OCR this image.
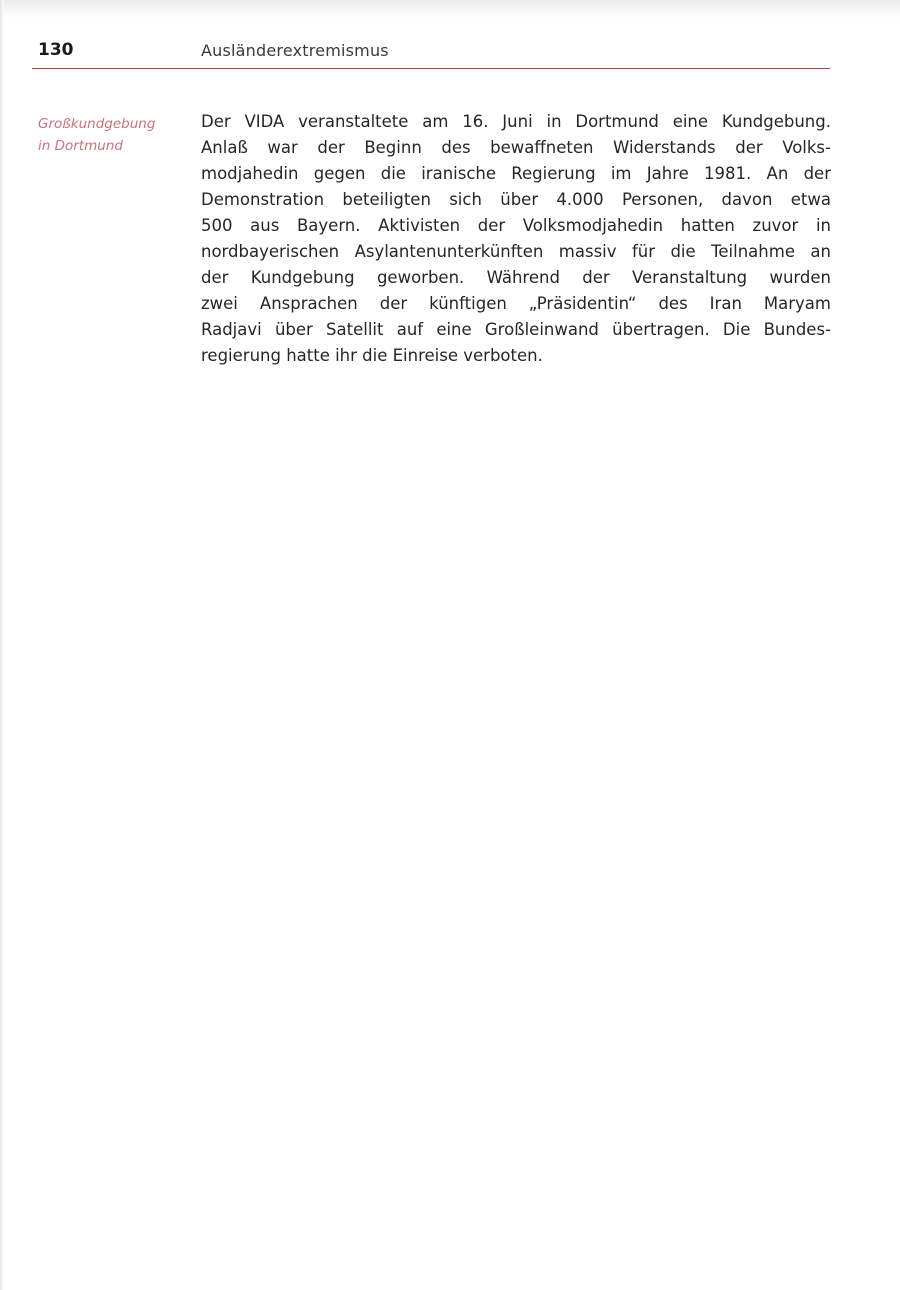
130	Ausländerextremismus
Großkundgebung
in Dortmund
Der VIDA veranstaltete am 16. Juni in Dortmund eine Kundgebung.
Anlaß war der Beginn des bewaffneten Widerstands der Volks-
modjahedin gegen die iranische Regierung im Jahre 1981. An der
Demonstration beteiligten sich über 4.000 Personen, davon etwa
500 aus Bayern. Aktivisten der Volksmodjahedin hatten zuvor in
nordbayerischen Asylantenunterkünften massiv für die Teilnahme an
der Kundgebung geworben. Während der Veranstaltung wurden
zwei Ansprachen der künftigen „Präsidentin“ des Iran Maryam
Radjavi über Satellit auf eine Großleinwand übertragen. Die Bundes-
regierung hatte ihr die Einreise verboten.
